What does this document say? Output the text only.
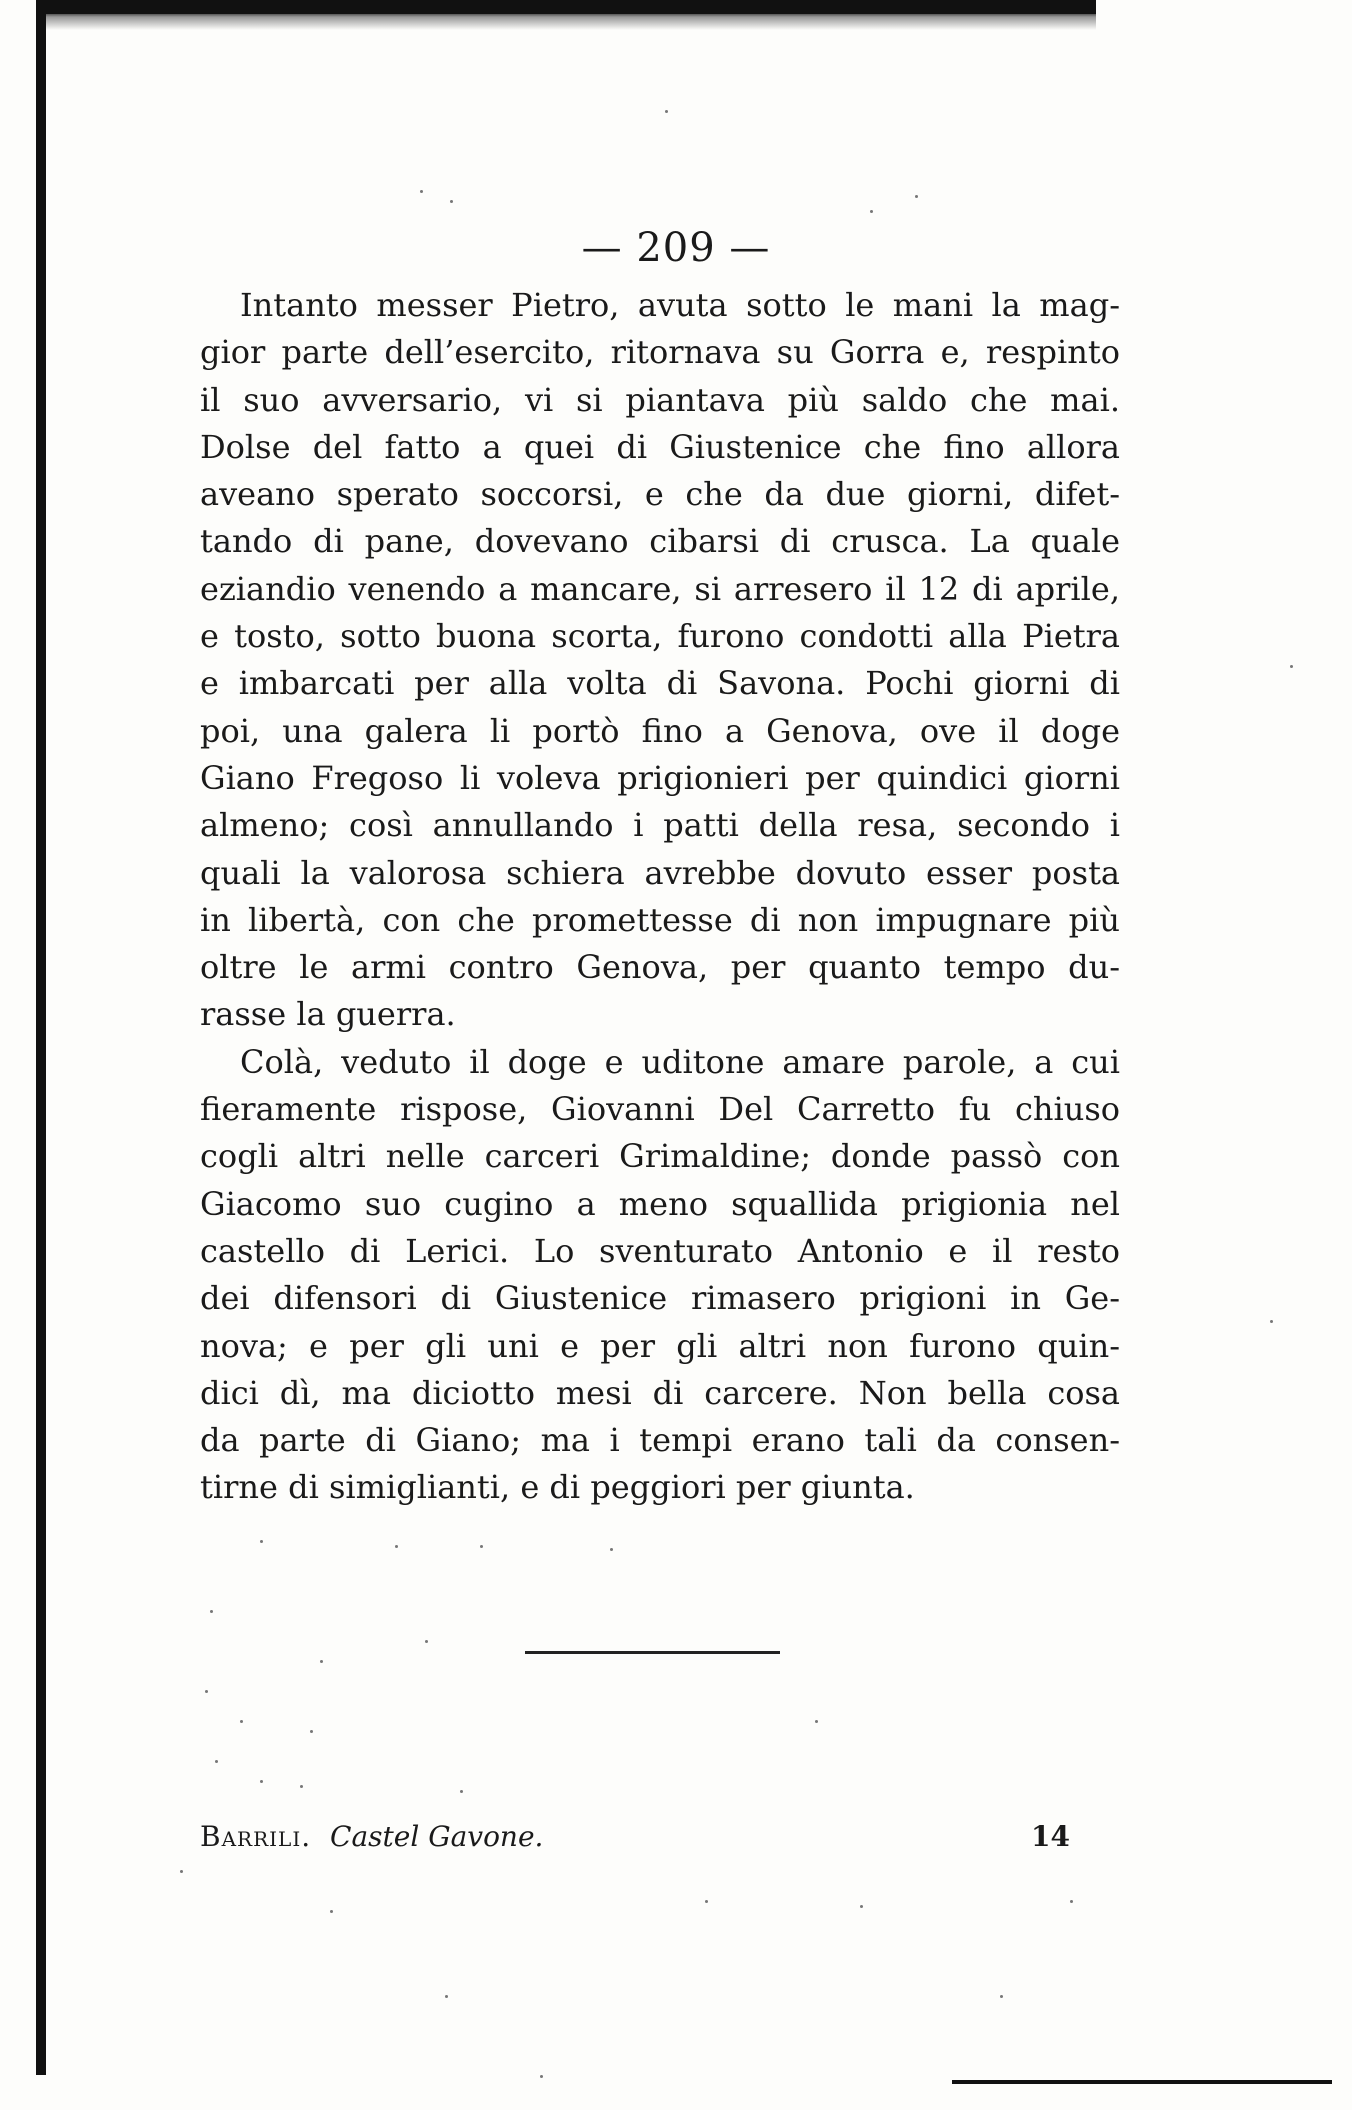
— 209 —

Intanto messer Pietro, avuta sotto le mani la mag-
gior parte dell’esercito, ritornava su Gorra e, respinto
il suo avversario, vi si piantava più saldo che mai.
Dolse del fatto a quei di Giustenice che fino allora
aveano sperato soccorsi, e che da due giorni, difet-
tando di pane, dovevano cibarsi di crusca. La quale
eziandio venendo a mancare, si arresero il 12 di aprile,
e tosto, sotto buona scorta, furono condotti alla Pietra
e imbarcati per alla volta di Savona. Pochi giorni di
poi, una galera li portò fino a Genova, ove il doge
Giano Fregoso li voleva prigionieri per quindici giorni
almeno; così annullando i patti della resa, secondo i
quali la valorosa schiera avrebbe dovuto esser posta
in libertà, con che promettesse di non impugnare più
oltre le armi contro Genova, per quanto tempo du-
rasse la guerra.

Colà, veduto il doge e uditone amare parole, a cui
fieramente rispose, Giovanni Del Carretto fu chiuso
cogli altri nelle carceri Grimaldine; donde passò con
Giacomo suo cugino a meno squallida prigionia nel
castello di Lerici. Lo sventurato Antonio e il resto
dei difensori di Giustenice rimasero prigioni in Ge-
nova; e per gli uni e per gli altri non furono quin-
dici dì, ma diciotto mesi di carcere. Non bella cosa
da parte di Giano; ma i tempi erano tali da consen-
tirne di simiglianti, e di peggiori per giunta.

Barrili. Castel Gavone.	14
